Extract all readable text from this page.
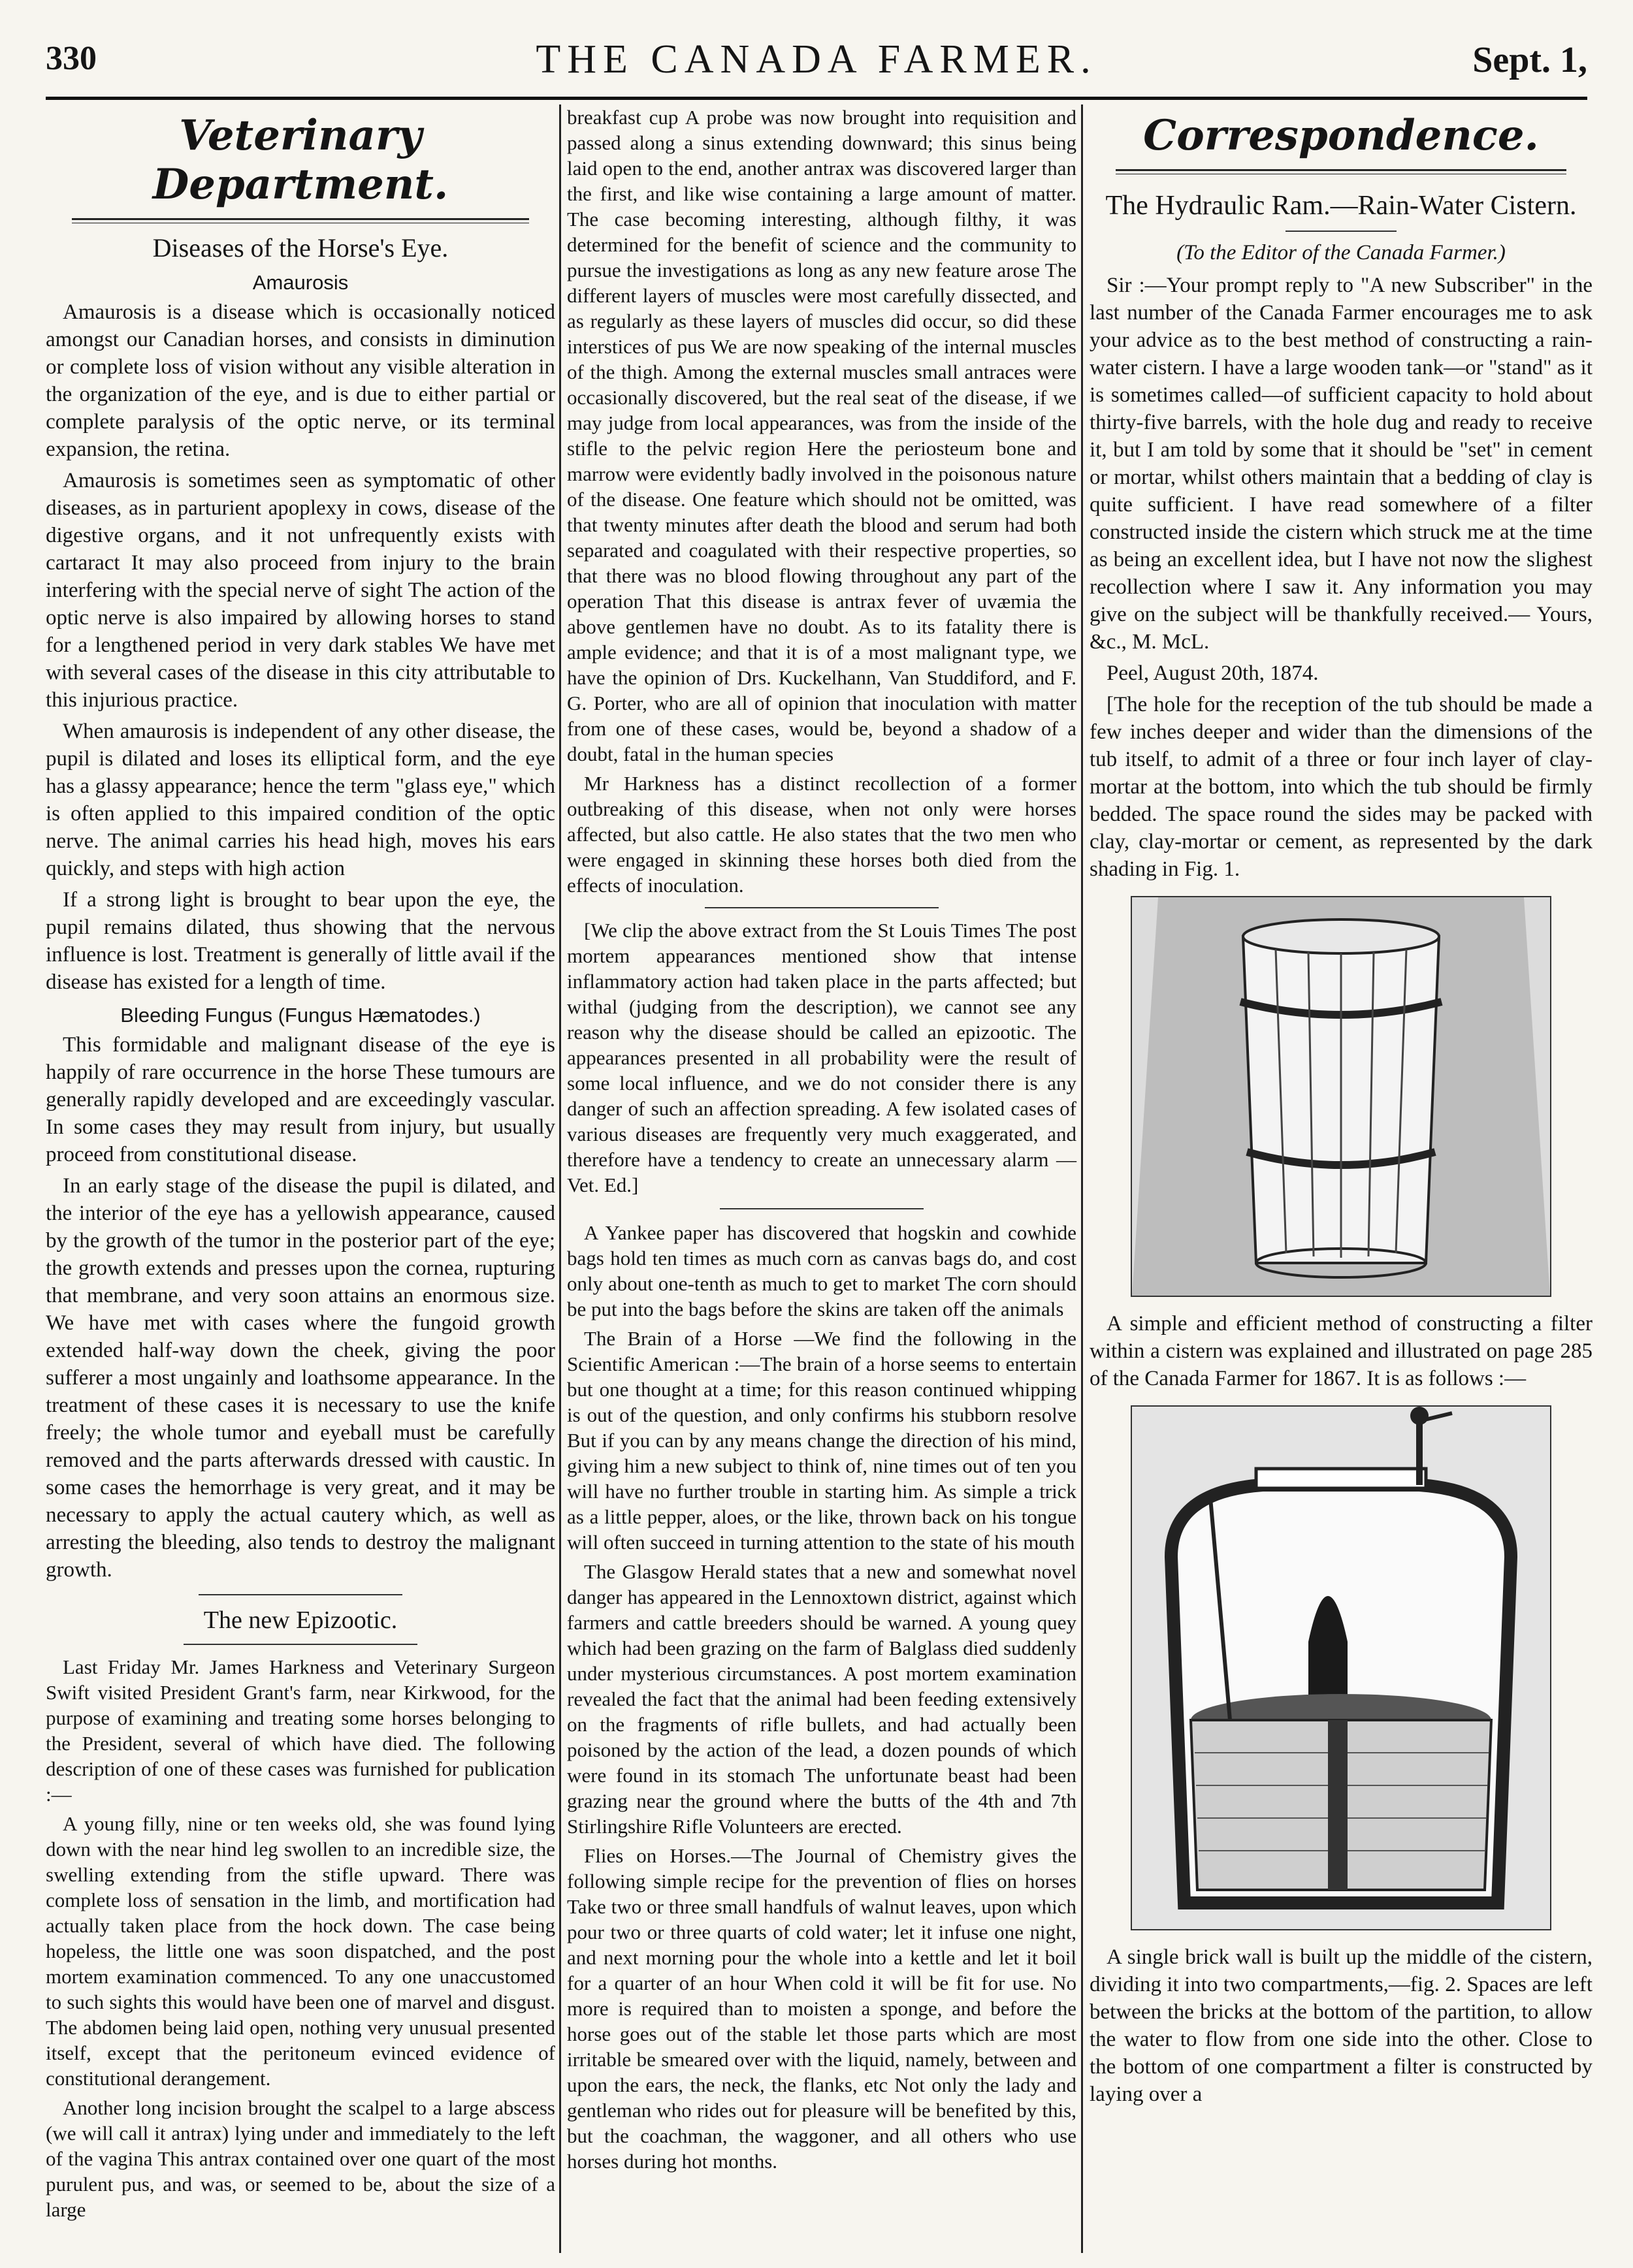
330	THE CANADA FARMER.	Sept. 1,
Veterinary Department.
Diseases of the Horse's Eye.
Amaurosis

Amaurosis is a disease which is occasionally noticed amongst our Canadian horses, and consists in diminution or complete loss of vision without any visible alteration in the organization of the eye, and is due to either partial or complete paralysis of the optic nerve, or its terminal expansion, the retina.

Amaurosis is sometimes seen as symptomatic of other diseases, as in parturient apoplexy in cows, disease of the digestive organs, and it not unfrequently exists with cartaract It may also proceed from injury to the brain interfering with the special nerve of sight The action of the optic nerve is also impaired by allowing horses to stand for a lengthened period in very dark stables We have met with several cases of the disease in this city attributable to this injurious practice.

When amaurosis is independent of any other disease, the pupil is dilated and loses its elliptical form, and the eye has a glassy appearance; hence the term "glass eye," which is often applied to this impaired condition of the optic nerve. The animal carries his head high, moves his ears quickly, and steps with high action

If a strong light is brought to bear upon the eye, the pupil remains dilated, thus showing that the nervous influence is lost. Treatment is generally of little avail if the disease has existed for a length of time.

Bleeding Fungus (Fungus Hæmatodes.)

This formidable and malignant disease of the eye is happily of rare occurrence in the horse These tumours are generally rapidly developed and are exceedingly vascular. In some cases they may result from injury, but usually proceed from constitutional disease.

In an early stage of the disease the pupil is dilated, and the interior of the eye has a yellowish appearance, caused by the growth of the tumor in the posterior part of the eye; the growth extends and presses upon the cornea, rupturing that membrane, and very soon attains an enormous size. We have met with cases where the fungoid growth extended half-way down the cheek, giving the poor sufferer a most ungainly and loathsome appearance. In the treatment of these cases it is necessary to use the knife freely; the whole tumor and eyeball must be carefully removed and the parts afterwards dressed with caustic. In some cases the hemorrhage is very great, and it may be necessary to apply the actual cautery which, as well as arresting the bleeding, also tends to destroy the malignant growth.

The new Epizootic.

Last Friday Mr. James Harkness and Veterinary Surgeon Swift visited President Grant's farm, near Kirkwood, for the purpose of examining and treating some horses belonging to the President, several of which have died. The following description of one of these cases was furnished for publication :—

A young filly, nine or ten weeks old, she was found lying down with the near hind leg swollen to an incredible size, the swelling extending from the stifle upward. There was complete loss of sensation in the limb, and mortification had actually taken place from the hock down. The case being hopeless, the little one was soon dispatched, and the post mortem examination commenced. To any one unaccustomed to such sights this would have been one of marvel and disgust. The abdomen being laid open, nothing very unusual presented itself, except that the peritoneum evinced evidence of constitutional derangement.

Another long incision brought the scalpel to a large abscess (we will call it antrax) lying under and immediately to the left of the vagina This antrax contained over one quart of the most purulent pus, and was, or seemed to be, about the size of a large

breakfast cup A probe was now brought into requisition and passed along a sinus extending downward; this sinus being laid open to the end, another antrax was discovered larger than the first, and like wise containing a large amount of matter. The case becoming interesting, although filthy, it was determined for the benefit of science and the community to pursue the investigations as long as any new feature arose The different layers of muscles were most carefully dissected, and as regularly as these layers of muscles did occur, so did these interstices of pus We are now speaking of the internal muscles of the thigh. Among the external muscles small antraces were occasionally discovered, but the real seat of the disease, if we may judge from local appearances, was from the inside of the stifle to the pelvic region Here the periosteum bone and marrow were evidently badly involved in the poisonous nature of the disease. One feature which should not be omitted, was that twenty minutes after death the blood and serum had both separated and coagulated with their respective properties, so that there was no blood flowing throughout any part of the operation That this disease is antrax fever of uvæmia the above gentlemen have no doubt. As to its fatality there is ample evidence; and that it is of a most malignant type, we have the opinion of Drs. Kuckelhann, Van Studdiford, and F. G. Porter, who are all of opinion that inoculation with matter from one of these cases, would be, beyond a shadow of a doubt, fatal in the human species

Mr Harkness has a distinct recollection of a former outbreaking of this disease, when not only were horses affected, but also cattle. He also states that the two men who were engaged in skinning these horses both died from the effects of inoculation.

[We clip the above extract from the St Louis Times The post mortem appearances mentioned show that intense inflammatory action had taken place in the parts affected; but withal (judging from the description), we cannot see any reason why the disease should be called an epizootic. The appearances presented in all probability were the result of some local influence, and we do not consider there is any danger of such an affection spreading. A few isolated cases of various diseases are frequently very much exaggerated, and therefore have a tendency to create an unnecessary alarm —Vet. Ed.]

A Yankee paper has discovered that hogskin and cowhide bags hold ten times as much corn as canvas bags do, and cost only about one-tenth as much to get to market The corn should be put into the bags before the skins are taken off the animals

The Brain of a Horse —We find the following in the Scientific American :—The brain of a horse seems to entertain but one thought at a time; for this reason continued whipping is out of the question, and only confirms his stubborn resolve But if you can by any means change the direction of his mind, giving him a new subject to think of, nine times out of ten you will have no further trouble in starting him. As simple a trick as a little pepper, aloes, or the like, thrown back on his tongue will often succeed in turning attention to the state of his mouth

The Glasgow Herald states that a new and somewhat novel danger has appeared in the Lennoxtown district, against which farmers and cattle breeders should be warned. A young quey which had been grazing on the farm of Balglass died suddenly under mysterious circumstances. A post mortem examination revealed the fact that the animal had been feeding extensively on the fragments of rifle bullets, and had actually been poisoned by the action of the lead, a dozen pounds of which were found in its stomach The unfortunate beast had been grazing near the ground where the butts of the 4th and 7th Stirlingshire Rifle Volunteers are erected.

Flies on Horses.—The Journal of Chemistry gives the following simple recipe for the prevention of flies on horses Take two or three small handfuls of walnut leaves, upon which pour two or three quarts of cold water; let it infuse one night, and next morning pour the whole into a kettle and let it boil for a quarter of an hour When cold it will be fit for use. No more is required than to moisten a sponge, and before the horse goes out of the stable let those parts which are most irritable be smeared over with the liquid, namely, between and upon the ears, the neck, the flanks, etc Not only the lady and gentleman who rides out for pleasure will be benefited by this, but the coachman, the waggoner, and all others who use horses during hot months.

Correspondence.
The Hydraulic Ram.—Rain-Water Cistern.
(To the Editor of the Canada Farmer.)

Sir :—Your prompt reply to "A new Subscriber" in the last number of the Canada Farmer encourages me to ask your advice as to the best method of constructing a rain-water cistern. I have a large wooden tank—or "stand" as it is sometimes called—of sufficient capacity to hold about thirty-five barrels, with the hole dug and ready to receive it, but I am told by some that it should be "set" in cement or mortar, whilst others maintain that a bedding of clay is quite sufficient. I have read somewhere of a filter constructed inside the cistern which struck me at the time as being an excellent idea, but I have not now the slighest recollection where I saw it. Any information you may give on the subject will be thankfully received.— Yours, &c., M. McL.

Peel, August 20th, 1874.

[The hole for the reception of the tub should be made a few inches deeper and wider than the dimensions of the tub itself, to admit of a three or four inch layer of clay-mortar at the bottom, into which the tub should be firmly bedded. The space round the sides may be packed with clay, clay-mortar or cement, as represented by the dark shading in Fig. 1.

A simple and efficient method of constructing a filter within a cistern was explained and illustrated on page 285 of the Canada Farmer for 1867. It is as follows :—

A single brick wall is built up the middle of the cistern, dividing it into two compartments,—fig. 2. Spaces are left between the bricks at the bottom of the partition, to allow the water to flow from one side into the other. Close to the bottom of one compartment a filter is constructed by laying over a
